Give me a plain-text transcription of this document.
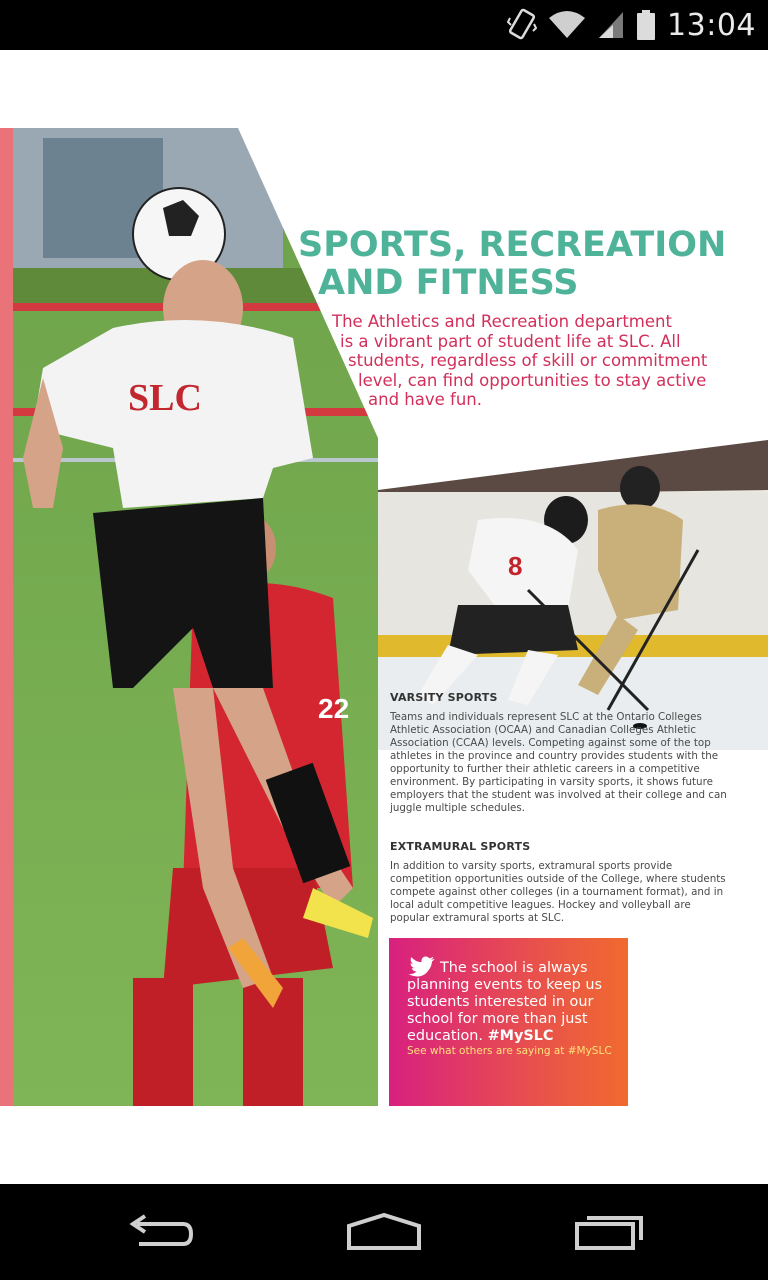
13:04
22
SLC
13
SPORTS, RECREATION
AND FITNESS
The Athletics and Recreation department
is a vibrant part of student life at SLC. All
students, regardless of skill or commitment
level, can find opportunities to stay active
and have fun.
8
VARSITY SPORTS
Teams and individuals represent SLC at the Ontario Colleges Athletic Association (OCAA) and Canadian Colleges Athletic Association (CCAA) levels. Competing against some of the top athletes in the province and country provides students with the opportunity to further their athletic careers in a competitive environment. By participating in varsity sports, it shows future employers that the student was involved at their college and can juggle multiple schedules.
EXTRAMURAL SPORTS
In addition to varsity sports, extramural sports provide competition opportunities outside of the College, where students compete against other colleges (in a tournament format), and in local adult competitive leagues. Hockey and volleyball are popular extramural sports at SLC.
The school is always planning events to keep us students interested in our school for more than just education. #MySLC
See what others are saying at #MySLC
